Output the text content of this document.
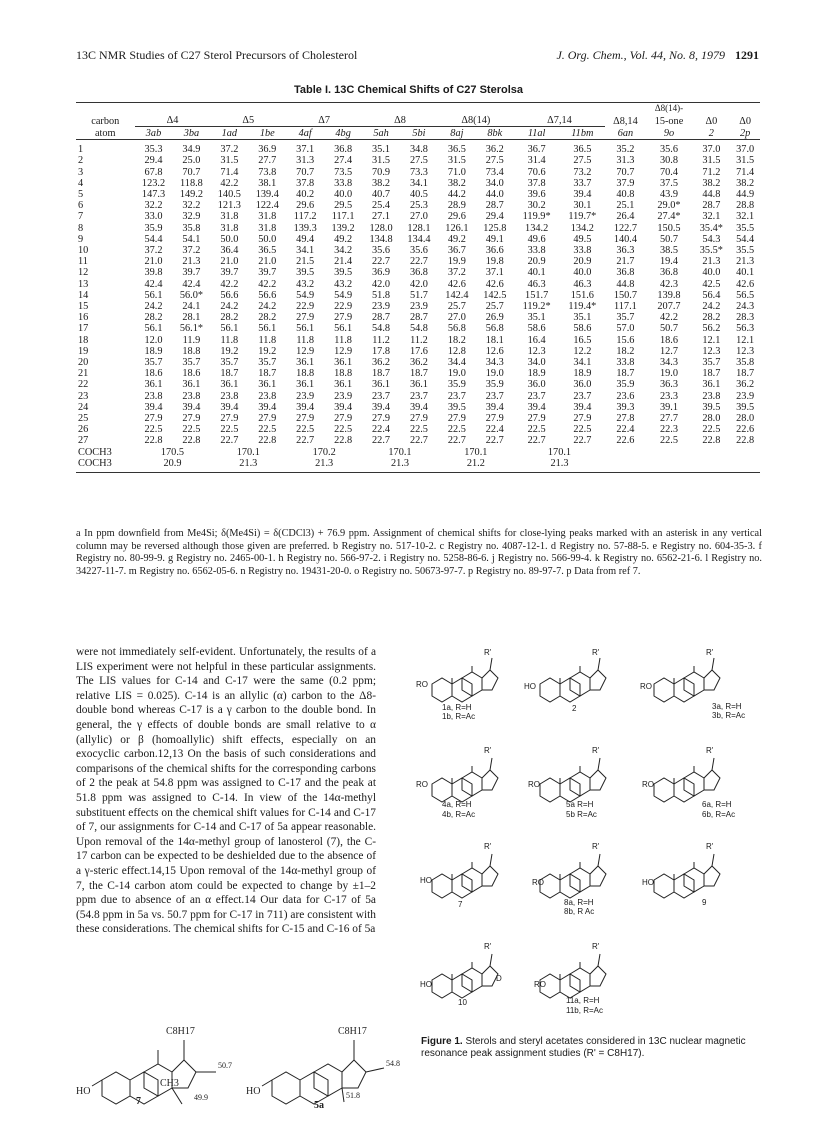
13C NMR Studies of C27 Sterol Precursors of Cholesterol	J. Org. Chem., Vol. 44, No. 8, 1979 1291
Table I. 13C Chemical Shifts of C27 Sterolsa
														Δ8(14)-		
carbon	Δ4		Δ5		Δ7		Δ8		Δ8(14)		Δ7,14		Δ8,14	15-one	Δ0	Δ0
atom	3ab	3ba	1ad	1be	4af	4bg	5ah	5bi	8aj	8bk	11al	11bm	6an	9o	2	2p
1	35.3	34.9	37.2	36.9	37.1	36.8	35.1	34.8	36.5	36.2	36.7	36.5	35.2	35.6	37.0	37.0
2	29.4	25.0	31.5	27.7	31.3	27.4	31.5	27.5	31.5	27.5	31.4	27.5	31.3	30.8	31.5	31.5
3	67.8	70.7	71.4	73.8	70.7	73.5	70.9	73.3	71.0	73.4	70.6	73.2	70.7	70.4	71.2	71.4
4	123.2	118.8	42.2	38.1	37.8	33.8	38.2	34.1	38.2	34.0	37.8	33.7	37.9	37.5	38.2	38.2
5	147.3	149.2	140.5	139.4	40.2	40.0	40.7	40.5	44.2	44.0	39.6	39.4	40.8	43.9	44.8	44.9
6	32.2	32.2	121.3	122.4	29.6	29.5	25.4	25.3	28.9	28.7	30.2	30.1	25.1	29.0*	28.7	28.8
7	33.0	32.9	31.8	31.8	117.2	117.1	27.1	27.0	29.6	29.4	119.9*	119.7*	26.4	27.4*	32.1	32.1
8	35.9	35.8	31.8	31.8	139.3	139.2	128.0	128.1	126.1	125.8	134.2	134.2	122.7	150.5	35.4*	35.5
9	54.4	54.1	50.0	50.0	49.4	49.2	134.8	134.4	49.2	49.1	49.6	49.5	140.4	50.7	54.3	54.4
10	37.2	37.2	36.4	36.5	34.1	34.2	35.6	35.6	36.7	36.6	33.8	33.8	36.3	38.5	35.5*	35.5
11	21.0	21.3	21.0	21.0	21.5	21.4	22.7	22.7	19.9	19.8	20.9	20.9	21.7	19.4	21.3	21.3
12	39.8	39.7	39.7	39.7	39.5	39.5	36.9	36.8	37.2	37.1	40.1	40.0	36.8	36.8	40.0	40.1
13	42.4	42.4	42.2	42.2	43.2	43.2	42.0	42.0	42.6	42.6	46.3	46.3	44.8	42.3	42.5	42.6
14	56.1	56.0*	56.6	56.6	54.9	54.9	51.8	51.7	142.4	142.5	151.7	151.6	150.7	139.8	56.4	56.5
15	24.2	24.1	24.2	24.2	22.9	22.9	23.9	23.9	25.7	25.7	119.2*	119.4*	117.1	207.7	24.2	24.3
16	28.2	28.1	28.2	28.2	27.9	27.9	28.7	28.7	27.0	26.9	35.1	35.1	35.7	42.2	28.2	28.3
17	56.1	56.1*	56.1	56.1	56.1	56.1	54.8	54.8	56.8	56.8	58.6	58.6	57.0	50.7	56.2	56.3
18	12.0	11.9	11.8	11.8	11.8	11.8	11.2	11.2	18.2	18.1	16.4	16.5	15.6	18.6	12.1	12.1
19	18.9	18.8	19.2	19.2	12.9	12.9	17.8	17.6	12.8	12.6	12.3	12.2	18.2	12.7	12.3	12.3
20	35.7	35.7	35.7	35.7	36.1	36.1	36.2	36.2	34.4	34.3	34.0	34.1	33.8	34.3	35.7	35.8
21	18.6	18.6	18.7	18.7	18.8	18.8	18.7	18.7	19.0	19.0	18.9	18.9	18.7	19.0	18.7	18.7
22	36.1	36.1	36.1	36.1	36.1	36.1	36.1	36.1	35.9	35.9	36.0	36.0	35.9	36.3	36.1	36.2
23	23.8	23.8	23.8	23.8	23.9	23.9	23.7	23.7	23.7	23.7	23.7	23.7	23.6	23.3	23.8	23.9
24	39.4	39.4	39.4	39.4	39.4	39.4	39.4	39.4	39.5	39.4	39.4	39.4	39.3	39.1	39.5	39.5
25	27.9	27.9	27.9	27.9	27.9	27.9	27.9	27.9	27.9	27.9	27.9	27.9	27.8	27.7	28.0	28.0
26	22.5	22.5	22.5	22.5	22.5	22.5	22.4	22.5	22.5	22.4	22.5	22.5	22.4	22.3	22.5	22.6
27	22.8	22.8	22.7	22.8	22.7	22.8	22.7	22.7	22.7	22.7	22.7	22.7	22.6	22.5	22.8	22.8
COCH3	170.5		170.1		170.2		170.1		170.1		170.1					
COCH3	20.9		21.3		21.3		21.3		21.2		21.3					
a In ppm downfield from Me4Si; δ(Me4Si) = δ(CDCl3) + 76.9 ppm. Assignment of chemical shifts for close-lying peaks marked with an asterisk in any vertical column may be reversed although those given are preferred. b Registry no. 517-10-2. c Registry no. 4087-12-1. d Registry no. 57-88-5. e Registry no. 604-35-3. f Registry no. 80-99-9. g Registry no. 2465-00-1. h Registry no. 566-97-2. i Registry no. 5258-86-6. j Registry no. 566-99-4. k Registry no. 6562-21-6. l Registry no. 34227-11-7. m Registry no. 6562-05-6. n Registry no. 19431-20-0. o Registry no. 50673-97-7. p Registry no. 89-97-7. p Data from ref 7.
were not immediately self-evident. Unfortunately, the results of a LIS experiment were not helpful in these particular assignments. The LIS values for C-14 and C-17 were the same (0.2 ppm; relative LIS = 0.025). C-14 is an allylic (α) carbon to the Δ8-double bond whereas C-17 is a γ carbon to the double bond. In general, the γ effects of double bonds are small relative to α (allylic) or β (homoallylic) shift effects, especially on an exocyclic carbon.12,13 On the basis of such considerations and comparisons of the chemical shifts for the corresponding carbons of 2 the peak at 54.8 ppm was assigned to C-17 and the peak at 51.8 ppm was assigned to C-14. In view of the 14α-methyl substituent effects on the chemical shift values for C-14 and C-17 of 7, our assignments for C-14 and C-17 of 5a appear reasonable. Upon removal of the 14α-methyl group of lanosterol (7), the C-17 carbon can be expected to be deshielded due to the absence of a γ-steric effect.14,15 Upon removal of the 14α-methyl group of 7, the C-14 carbon atom could be expected to change by ±1–2 ppm due to absence of an α effect.14 Our data for C-17 of 5a (54.8 ppm in 5a vs. 50.7 ppm for C-17 in 711) are consistent with these considerations. The chemical shifts for C-15 and C-16 of 5a
C8H17
50.7
49.9
CH3
HO
7
C8H17
54.8
51.8
HO
5a
RO
R'
1a, R=H
1b, R=Ac
HO
R'
2
RO
R'
3a, R=H
3b, R=Ac
RO
R'
4a, R=H
4b, R=Ac
RO
R'
5a R=H
5b R=Ac
RO
R'
6a, R=H
6b, R=Ac
HO
R'
7
RO
R'
8a, R=H
8b, R Ac
HO
R'
9
HO
R'
D
10
RO
R'
11a, R=H
11b, R=Ac
Figure 1. Sterols and steryl acetates considered in 13C nuclear magnetic resonance peak assignment studies (R' = C8H17).
